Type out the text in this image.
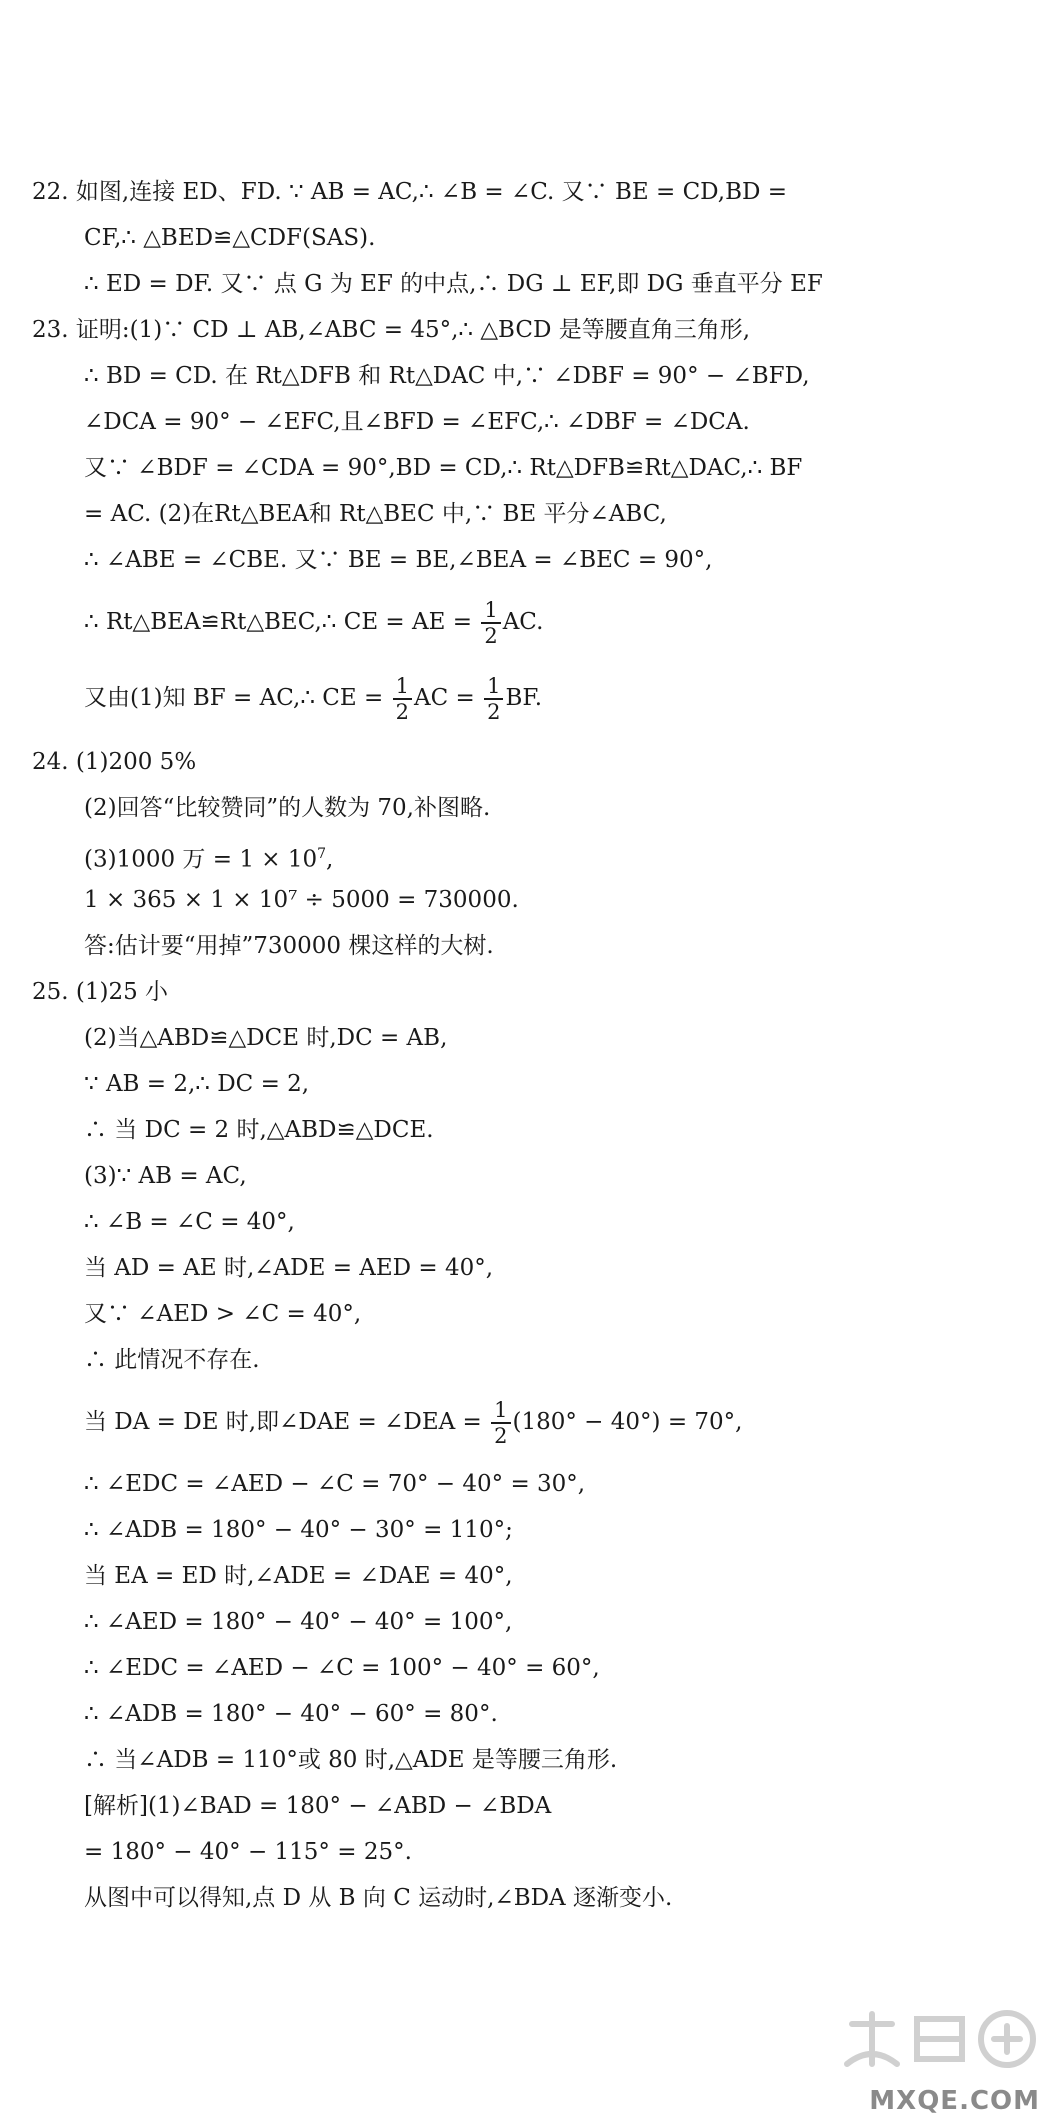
22. 如图,连接 ED、FD. ∵ AB = AC,∴ ∠B = ∠C. 又∵ BE = CD,BD =
CF,∴ △BED≌△CDF(SAS).
∴ ED = DF. 又∵ 点 G 为 EF 的中点,∴ DG ⊥ EF,即 DG 垂直平分 EF
23. 证明:(1)∵ CD ⊥ AB,∠ABC = 45°,∴ △BCD 是等腰直角三角形,
∴ BD = CD. 在 Rt△DFB 和 Rt△DAC 中,∵ ∠DBF = 90° − ∠BFD,
∠DCA = 90° − ∠EFC,且∠BFD = ∠EFC,∴ ∠DBF = ∠DCA.
又∵ ∠BDF = ∠CDA = 90°,BD = CD,∴ Rt△DFB≌Rt△DAC,∴ BF
= AC. (2)在Rt△BEA和 Rt△BEC 中,∵ BE 平分∠ABC,
∴ ∠ABE = ∠CBE. 又∵ BE = BE,∠BEA = ∠BEC = 90°,
∴ Rt△BEA≌Rt△BEC,∴ CE = AE = $\frac{1}{2}$ AC.
又由(1)知 BF = AC,∴ CE = $\frac{1}{2}$ AC = $\frac{1}{2}$ BF.
24. (1)200 5%
(2)回答“比较赞同”的人数为 70,补图略.
(3)1000 万 = $1 \times 10^7$,
1 × 365 × 1 × 10⁷ ÷ 5000 = 730000.
答:估计要“用掉”730000 棵这样的大树.
25. (1)25 小
(2)当△ABD≌△DCE 时,DC = AB,
∵ AB = 2,∴ DC = 2,
∴ 当 DC = 2 时,△ABD≌△DCE.
(3)∵ AB = AC,
∴ ∠B = ∠C = 40°,
当 AD = AE 时,∠ADE = AED = 40°,
又∵ ∠AED > ∠C = 40°,
∴ 此情况不存在.
当 DA = DE 时,即∠DAE = ∠DEA = $\frac{1}{2} (180^\circ - 40^\circ) = 70^\circ$,
∴ ∠EDC = ∠AED − ∠C = 70° − 40° = 30°,
∴ ∠ADB = 180° − 40° − 30° = 110°;
当 EA = ED 时,∠ADE = ∠DAE = 40°,
∴ ∠AED = 180° − 40° − 40° = 100°,
∴ ∠EDC = ∠AED − ∠C = 100° − 40° = 60°,
∴ ∠ADB = 180° − 40° − 60° = 80°.
∴ 当∠ADB = 110°或 80 时,△ADE 是等腰三角形.
[解析](1)∠BAD = 180° − ∠ABD − ∠BDA
= 180° − 40° − 115° = 25°.
从图中可以得知,点 D 从 B 向 C 运动时,∠BDA 逐渐变小.
MXQE.COM
